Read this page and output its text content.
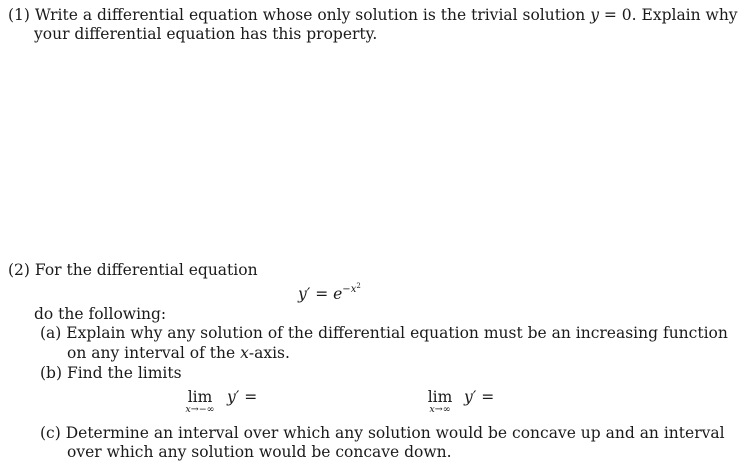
(1) Write a differential equation whose only solution is the trivial solution y = 0. Explain why
your differential equation has this property.
(2) For the differential equation
$y' = e^{-x^2}$
do the following:
(a) Explain why any solution of the differential equation must be an increasing function
on any interval of the x-axis.
(b) Find the limits
lim
x→−∞
y′ =	lim
x→∞
y′ =
(c) Determine an interval over which any solution would be concave up and an interval
over which any solution would be concave down.
